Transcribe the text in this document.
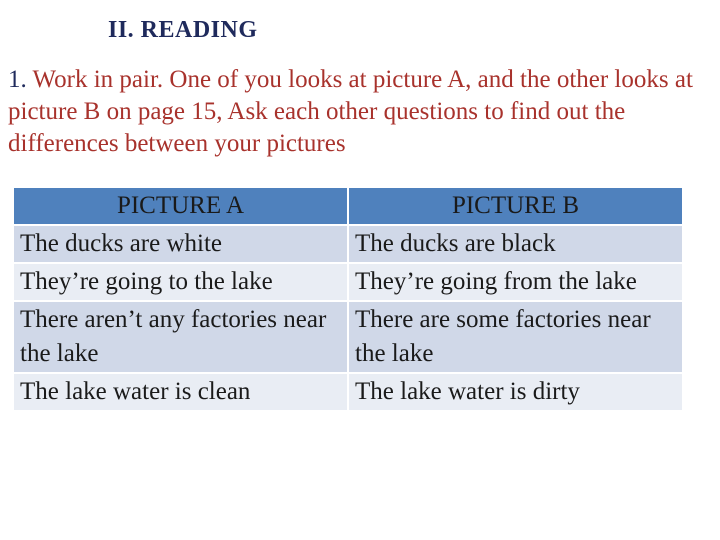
II. READING
1. Work in pair. One of you looks at picture A, and the other looks at picture B on page 15, Ask each other questions to find out the differences between your pictures
PICTURE A	PICTURE B
The ducks are white	The ducks are black
They’re going to the lake	They’re going from the lake
There aren’t any factories near the lake	There are some factories near the lake
The lake water is clean	The lake water is dirty
